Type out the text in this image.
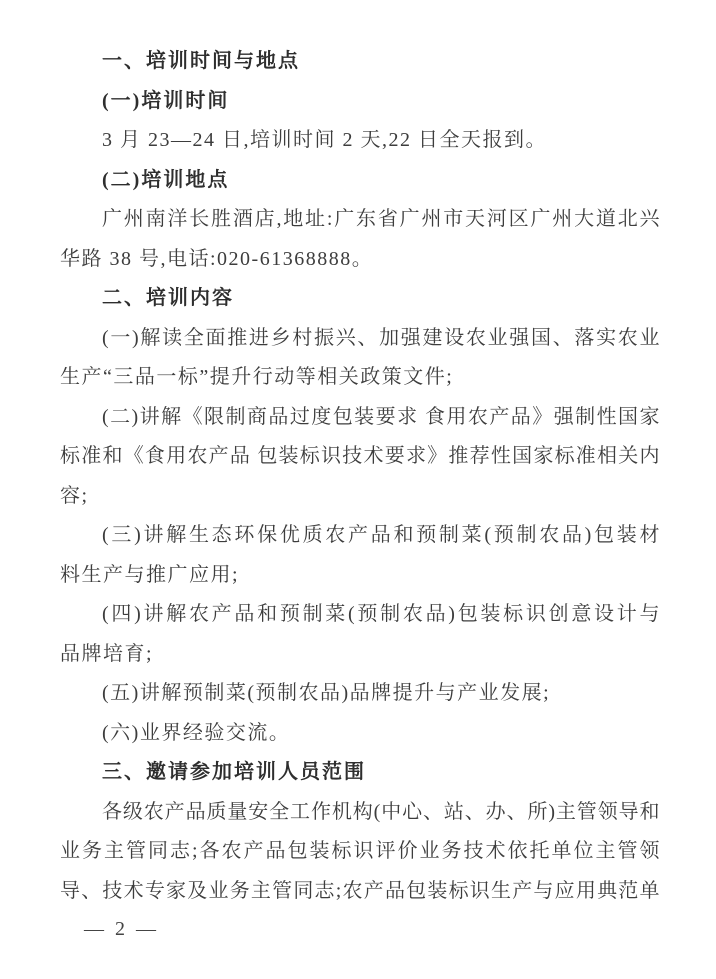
一、培训时间与地点
(一)培训时间
3 月 23—24 日,培训时间 2 天,22 日全天报到。
(二)培训地点
广州南洋长胜酒店,地址:广东省广州市天河区广州大道北兴
华路 38 号,电话:020-61368888。
二、培训内容
(一)解读全面推进乡村振兴、加强建设农业强国、落实农业
生产“三品一标”提升行动等相关政策文件;
(二)讲解《限制商品过度包装要求 食用农产品》强制性国家
标准和《食用农产品 包装标识技术要求》推荐性国家标准相关内
容;
(三)讲解生态环保优质农产品和预制菜(预制农品)包装材
料生产与推广应用;
(四)讲解农产品和预制菜(预制农品)包装标识创意设计与
品牌培育;
(五)讲解预制菜(预制农品)品牌提升与产业发展;
(六)业界经验交流。
三、邀请参加培训人员范围
各级农产品质量安全工作机构(中心、站、办、所)主管领导和
业务主管同志;各农产品包装标识评价业务技术依托单位主管领
导、技术专家及业务主管同志;农产品包装标识生产与应用典范单
— 2 —
